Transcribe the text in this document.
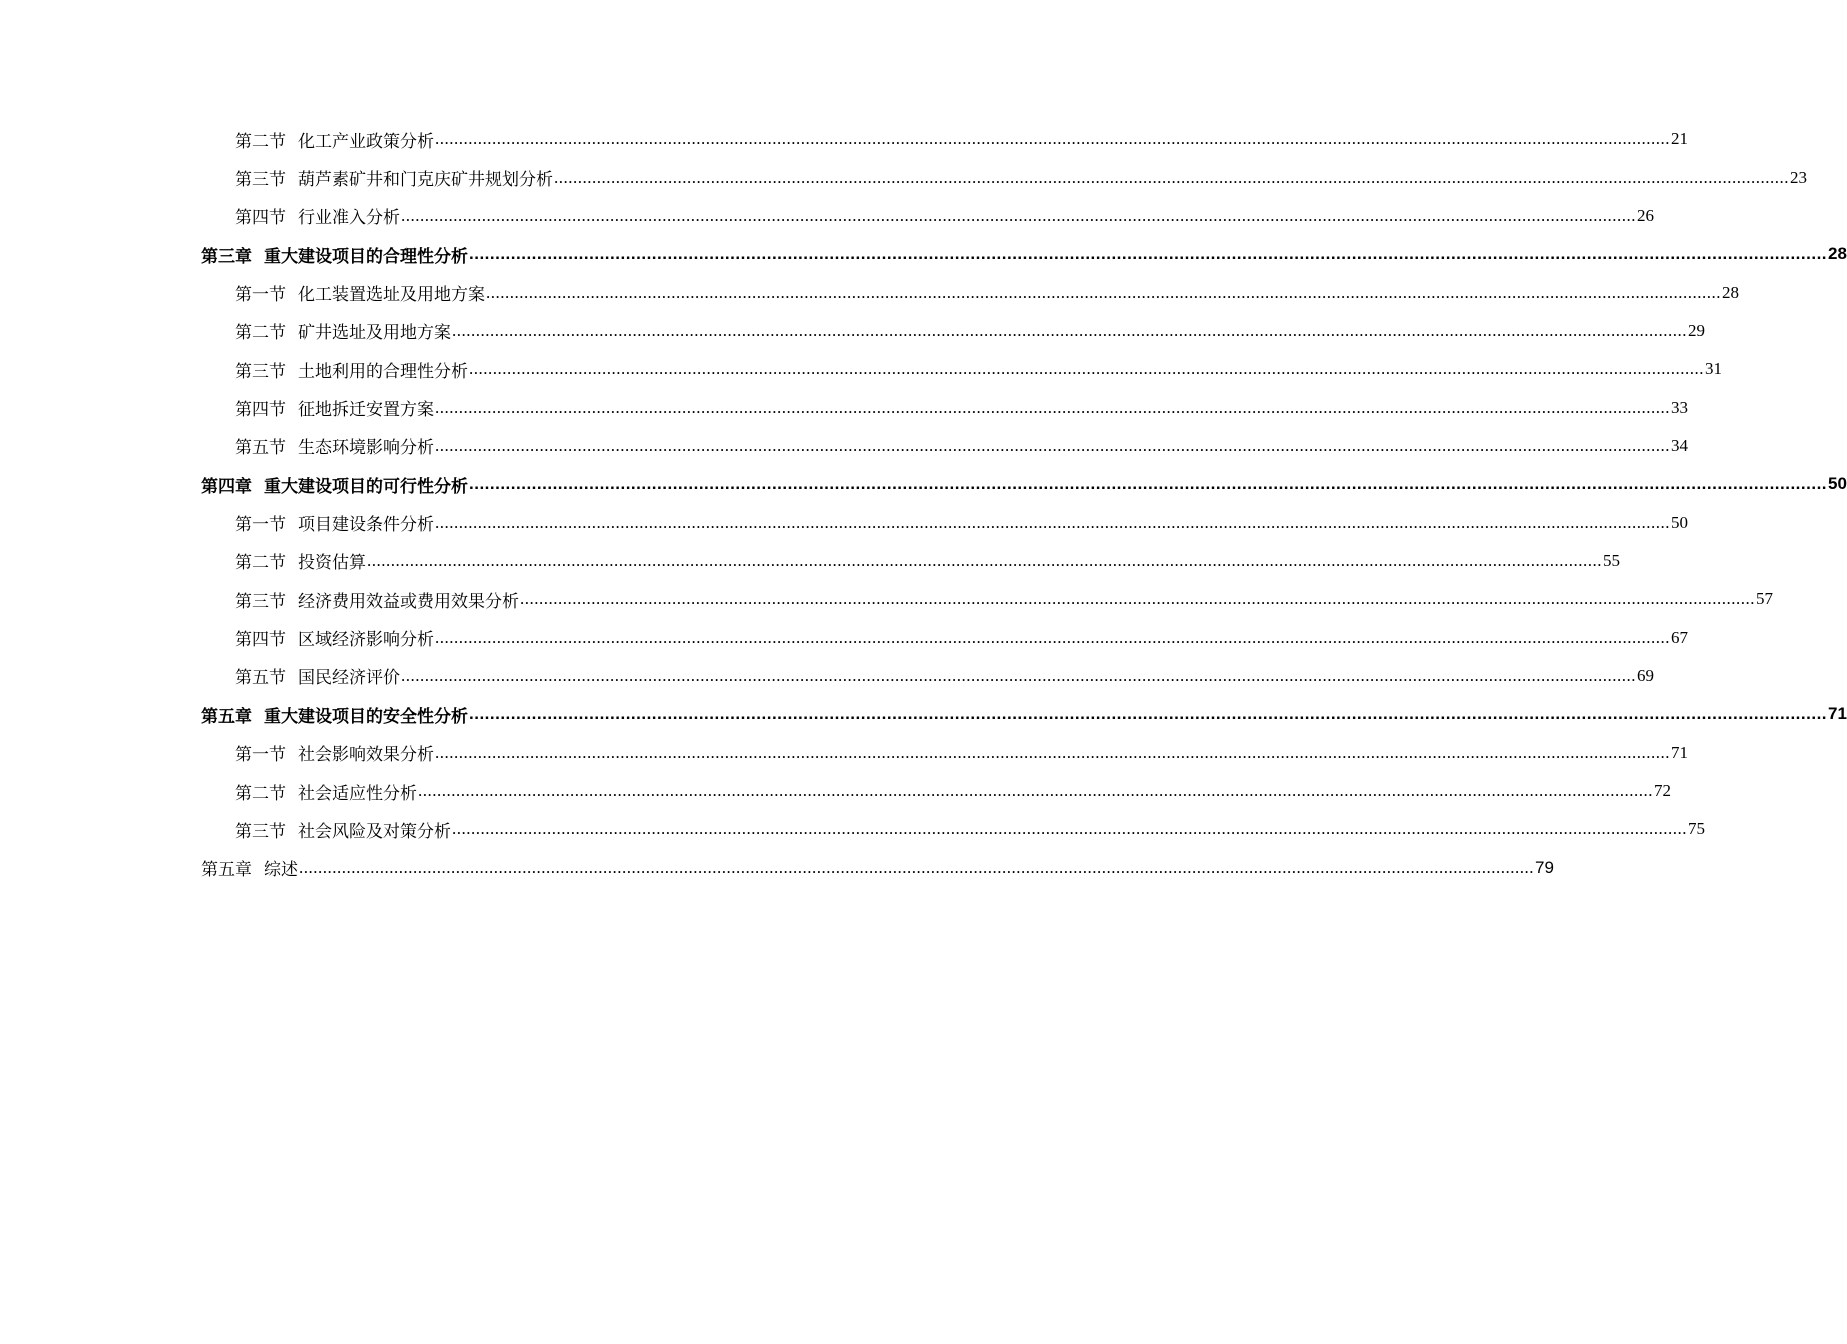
第二节 化工产业政策分析 .................................................................................................................................................................................................................................................................... 21
第三节 葫芦素矿井和门克庆矿井规划分析 .................................................................................................................................................................................................................................................................... 23
第四节 行业准入分析 .................................................................................................................................................................................................................................................................... 26
第三章 重大建设项目的合理性分析 .................................................................................................................................................................................................................................................................... 28
第一节 化工装置选址及用地方案 .................................................................................................................................................................................................................................................................... 28
第二节 矿井选址及用地方案 .................................................................................................................................................................................................................................................................... 29
第三节 土地利用的合理性分析 .................................................................................................................................................................................................................................................................... 31
第四节 征地拆迁安置方案 .................................................................................................................................................................................................................................................................... 33
第五节 生态环境影响分析 .................................................................................................................................................................................................................................................................... 34
第四章 重大建设项目的可行性分析 .................................................................................................................................................................................................................................................................... 50
第一节 项目建设条件分析 .................................................................................................................................................................................................................................................................... 50
第二节 投资估算 .................................................................................................................................................................................................................................................................... 55
第三节 经济费用效益或费用效果分析 .................................................................................................................................................................................................................................................................... 57
第四节 区域经济影响分析 .................................................................................................................................................................................................................................................................... 67
第五节 国民经济评价 .................................................................................................................................................................................................................................................................... 69
第五章 重大建设项目的安全性分析 .................................................................................................................................................................................................................................................................... 71
第一节 社会影响效果分析 .................................................................................................................................................................................................................................................................... 71
第二节 社会适应性分析 .................................................................................................................................................................................................................................................................... 72
第三节 社会风险及对策分析 .................................................................................................................................................................................................................................................................... 75
第五章 综述 .................................................................................................................................................................................................................................................................... 79
